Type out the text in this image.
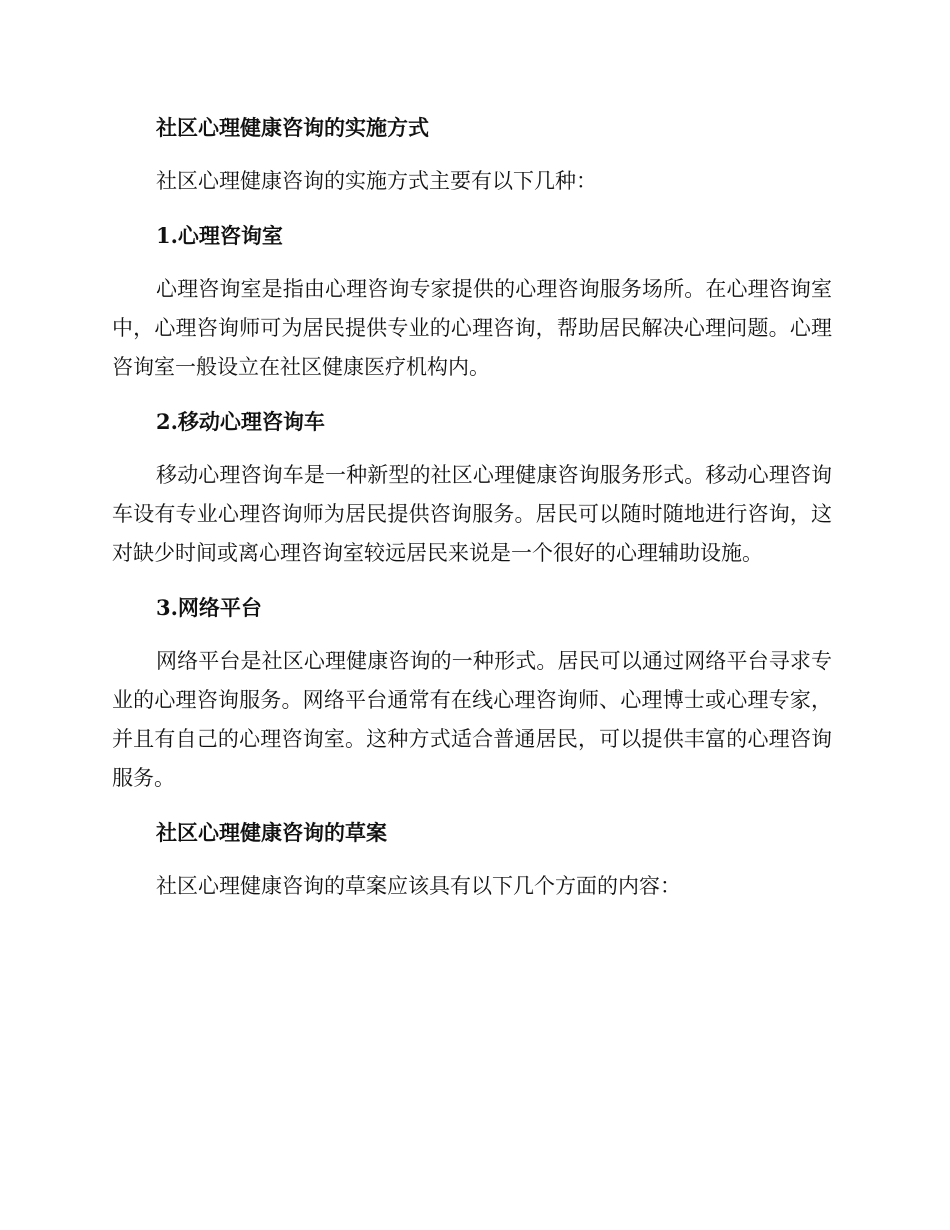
社区心理健康咨询的实施方式

社区心理健康咨询的实施方式主要有以下几种：

1.心理咨询室

心理咨询室是指由心理咨询专家提供的心理咨询服务场所。在心理咨询室中，心理咨询师可为居民提供专业的心理咨询，帮助居民解决心理问题。心理咨询室一般设立在社区健康医疗机构内。

2.移动心理咨询车

移动心理咨询车是一种新型的社区心理健康咨询服务形式。移动心理咨询车设有专业心理咨询师为居民提供咨询服务。居民可以随时随地进行咨询，这对缺少时间或离心理咨询室较远居民来说是一个很好的心理辅助设施。

3.网络平台

网络平台是社区心理健康咨询的一种形式。居民可以通过网络平台寻求专业的心理咨询服务。网络平台通常有在线心理咨询师、心理博士或心理专家，并且有自己的心理咨询室。这种方式适合普通居民，可以提供丰富的心理咨询服务。

社区心理健康咨询的草案

社区心理健康咨询的草案应该具有以下几个方面的内容：
